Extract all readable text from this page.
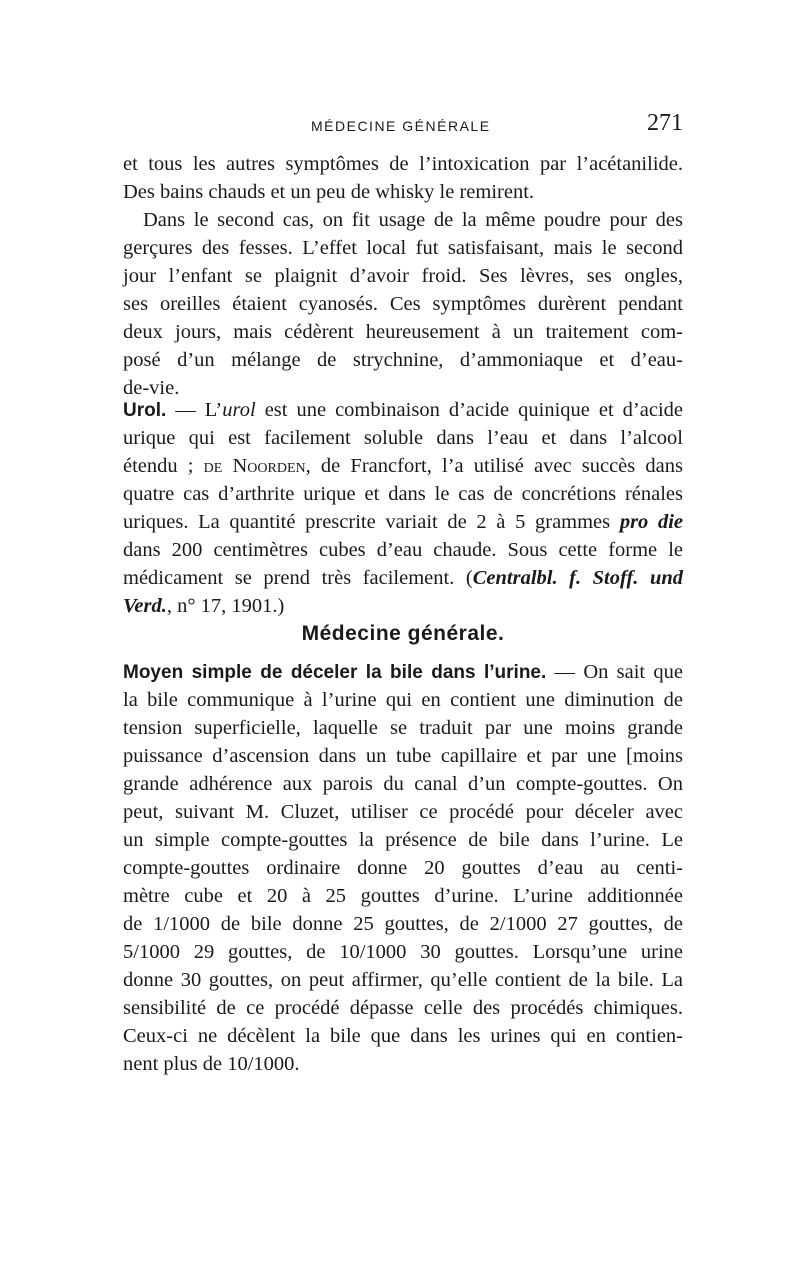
MÉDECINE GÉNÉRALE	271
et tous les autres symptômes de l’intoxication par l’acétanilide.
Des bains chauds et un peu de whisky le remirent.
Dans le second cas, on fit usage de la même poudre pour des
gerçures des fesses. L’effet local fut satisfaisant, mais le second
jour l’enfant se plaignit d’avoir froid. Ses lèvres, ses ongles,
ses oreilles étaient cyanosés. Ces symptômes durèrent pendant
deux jours, mais cédèrent heureusement à un traitement com-
posé d’un mélange de strychnine, d’ammoniaque et d’eau-
de-vie.
Urol. — L’urol est une combinaison d’acide quinique et d’acide
urique qui est facilement soluble dans l’eau et dans l’alcool
étendu ; de Noorden, de Francfort, l’a utilisé avec succès dans
quatre cas d’arthrite urique et dans le cas de concrétions rénales
uriques. La quantité prescrite variait de 2 à 5 grammes pro die
dans 200 centimètres cubes d’eau chaude. Sous cette forme le
médicament se prend très facilement. (Centralbl. f. Stoff. und
Verd., n° 17, 1901.)
Médecine générale.
Moyen simple de déceler la bile dans l’urine. — On sait que
la bile communique à l’urine qui en contient une diminution de
tension superficielle, laquelle se traduit par une moins grande
puissance d’ascension dans un tube capillaire et par une [moins
grande adhérence aux parois du canal d’un compte-gouttes. On
peut, suivant M. Cluzet, utiliser ce procédé pour déceler avec
un simple compte-gouttes la présence de bile dans l’urine. Le
compte-gouttes ordinaire donne 20 gouttes d’eau au centi-
mètre cube et 20 à 25 gouttes d’urine. L’urine additionnée
de 1/1000 de bile donne 25 gouttes, de 2/1000 27 gouttes, de
5/1000 29 gouttes, de 10/1000 30 gouttes. Lorsqu’une urine
donne 30 gouttes, on peut affirmer, qu’elle contient de la bile. La
sensibilité de ce procédé dépasse celle des procédés chimiques.
Ceux-ci ne décèlent la bile que dans les urines qui en contien-
nent plus de 10/1000.
